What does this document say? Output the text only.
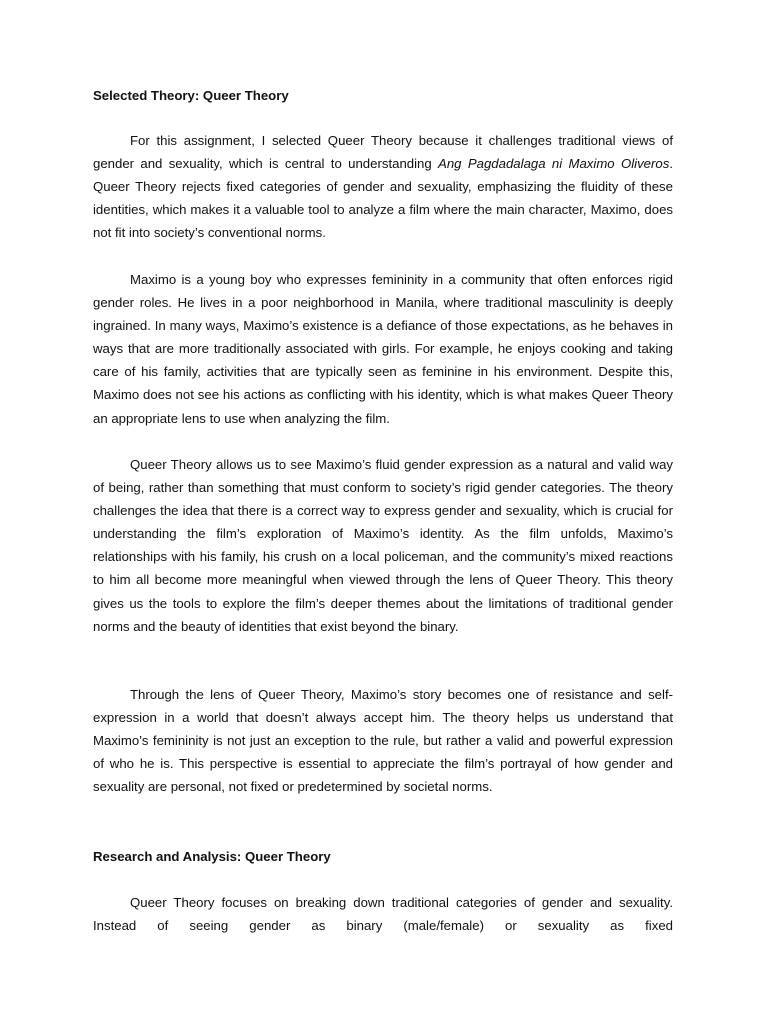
Selected Theory: Queer Theory

For this assignment, I selected Queer Theory because it challenges traditional views of gender and sexuality, which is central to understanding Ang Pagdadalaga ni Maximo Oliveros. Queer Theory rejects fixed categories of gender and sexuality, emphasizing the fluidity of these identities, which makes it a valuable tool to analyze a film where the main character, Maximo, does not fit into society’s conventional norms.

Maximo is a young boy who expresses femininity in a community that often enforces rigid gender roles. He lives in a poor neighborhood in Manila, where traditional masculinity is deeply ingrained. In many ways, Maximo’s existence is a defiance of those expectations, as he behaves in ways that are more traditionally associated with girls. For example, he enjoys cooking and taking care of his family, activities that are typically seen as feminine in his environment. Despite this, Maximo does not see his actions as conflicting with his identity, which is what makes Queer Theory an appropriate lens to use when analyzing the film.

Queer Theory allows us to see Maximo’s fluid gender expression as a natural and valid way of being, rather than something that must conform to society’s rigid gender categories. The theory challenges the idea that there is a correct way to express gender and sexuality, which is crucial for understanding the film’s exploration of Maximo’s identity. As the film unfolds, Maximo’s relationships with his family, his crush on a local policeman, and the community’s mixed reactions to him all become more meaningful when viewed through the lens of Queer Theory. This theory gives us the tools to explore the film’s deeper themes about the limitations of traditional gender norms and the beauty of identities that exist beyond the binary.

Through the lens of Queer Theory, Maximo’s story becomes one of resistance and self-expression in a world that doesn’t always accept him. The theory helps us understand that Maximo’s femininity is not just an exception to the rule, but rather a valid and powerful expression of who he is. This perspective is essential to appreciate the film’s portrayal of how gender and sexuality are personal, not fixed or predetermined by societal norms.

Research and Analysis: Queer Theory

Queer Theory focuses on breaking down traditional categories of gender and sexuality. Instead of seeing gender as binary (male/female) or sexuality as fixed
